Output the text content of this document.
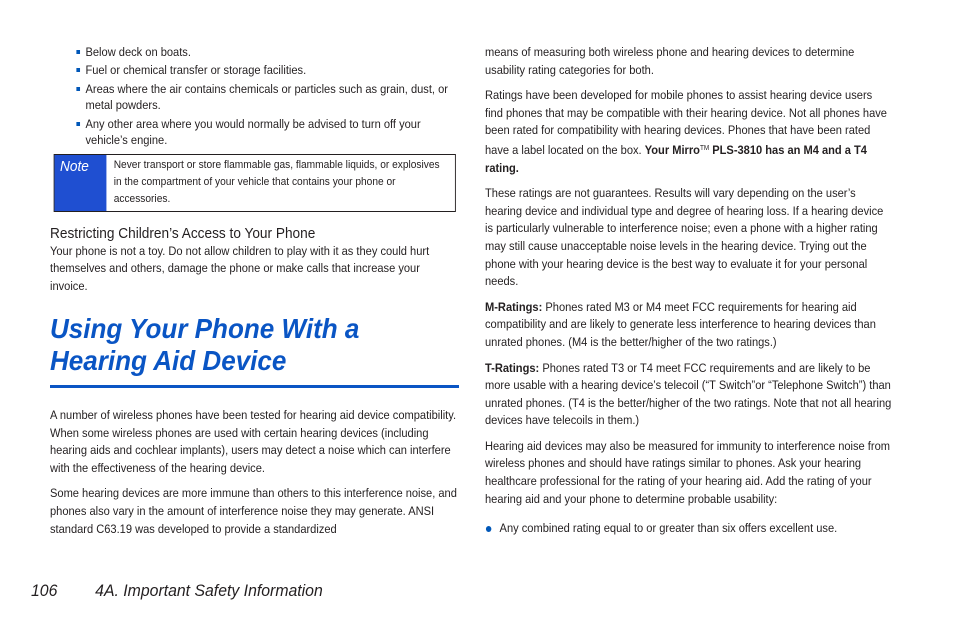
Below deck on boats.
Fuel or chemical transfer or storage facilities.
Areas where the air contains chemicals or particles such as grain, dust, or metal powders.
Any other area where you would normally be advised to turn off your vehicle’s engine.
Note	Never transport or store flammable gas, flammable liquids, or explosives in the compartment of your vehicle that contains your phone or accessories.
Restricting Children’s Access to Your Phone

Your phone is not a toy. Do not allow children to play with it as they could hurt themselves and others, damage the phone or make calls that increase your invoice.

Using Your Phone With a Hearing Aid Device

A number of wireless phones have been tested for hearing aid device compatibility. When some wireless phones are used with certain hearing devices (including hearing aids and cochlear implants), users may detect a noise which can interfere with the effectiveness of the hearing device.

Some hearing devices are more immune than others to this interference noise, and phones also vary in the amount of interference noise they may generate. ANSI standard C63.19 was developed to provide a standardized

means of measuring both wireless phone and hearing devices to determine usability rating categories for both.

Ratings have been developed for mobile phones to assist hearing device users find phones that may be compatible with their hearing device. Not all phones have been rated for compatibility with hearing devices. Phones that have been rated have a label located on the box. Your Mirro™ PLS-3810 has an M4 and a T4 rating.

These ratings are not guarantees. Results will vary depending on the user’s hearing device and individual type and degree of hearing loss. If a hearing device is particularly vulnerable to interference noise; even a phone with a higher rating may still cause unacceptable noise levels in the hearing device. Trying out the phone with your hearing device is the best way to evaluate it for your personal needs.

M-Ratings: Phones rated M3 or M4 meet FCC requirements for hearing aid compatibility and are likely to generate less interference to hearing devices than unrated phones. (M4 is the better/higher of the two ratings.)

T-Ratings: Phones rated T3 or T4 meet FCC requirements and are likely to be more usable with a hearing device’s telecoil (“T Switch”or “Telephone Switch”) than unrated phones. (T4 is the better/higher of the two ratings. Note that not all hearing devices have telecoils in them.)

Hearing aid devices may also be measured for immunity to interference noise from wireless phones and should have ratings similar to phones. Ask your hearing healthcare professional for the rating of your hearing aid. Add the rating of your hearing aid and your phone to determine probable usability:

Any combined rating equal to or greater than six offers excellent use.
106 4A. Important Safety Information
